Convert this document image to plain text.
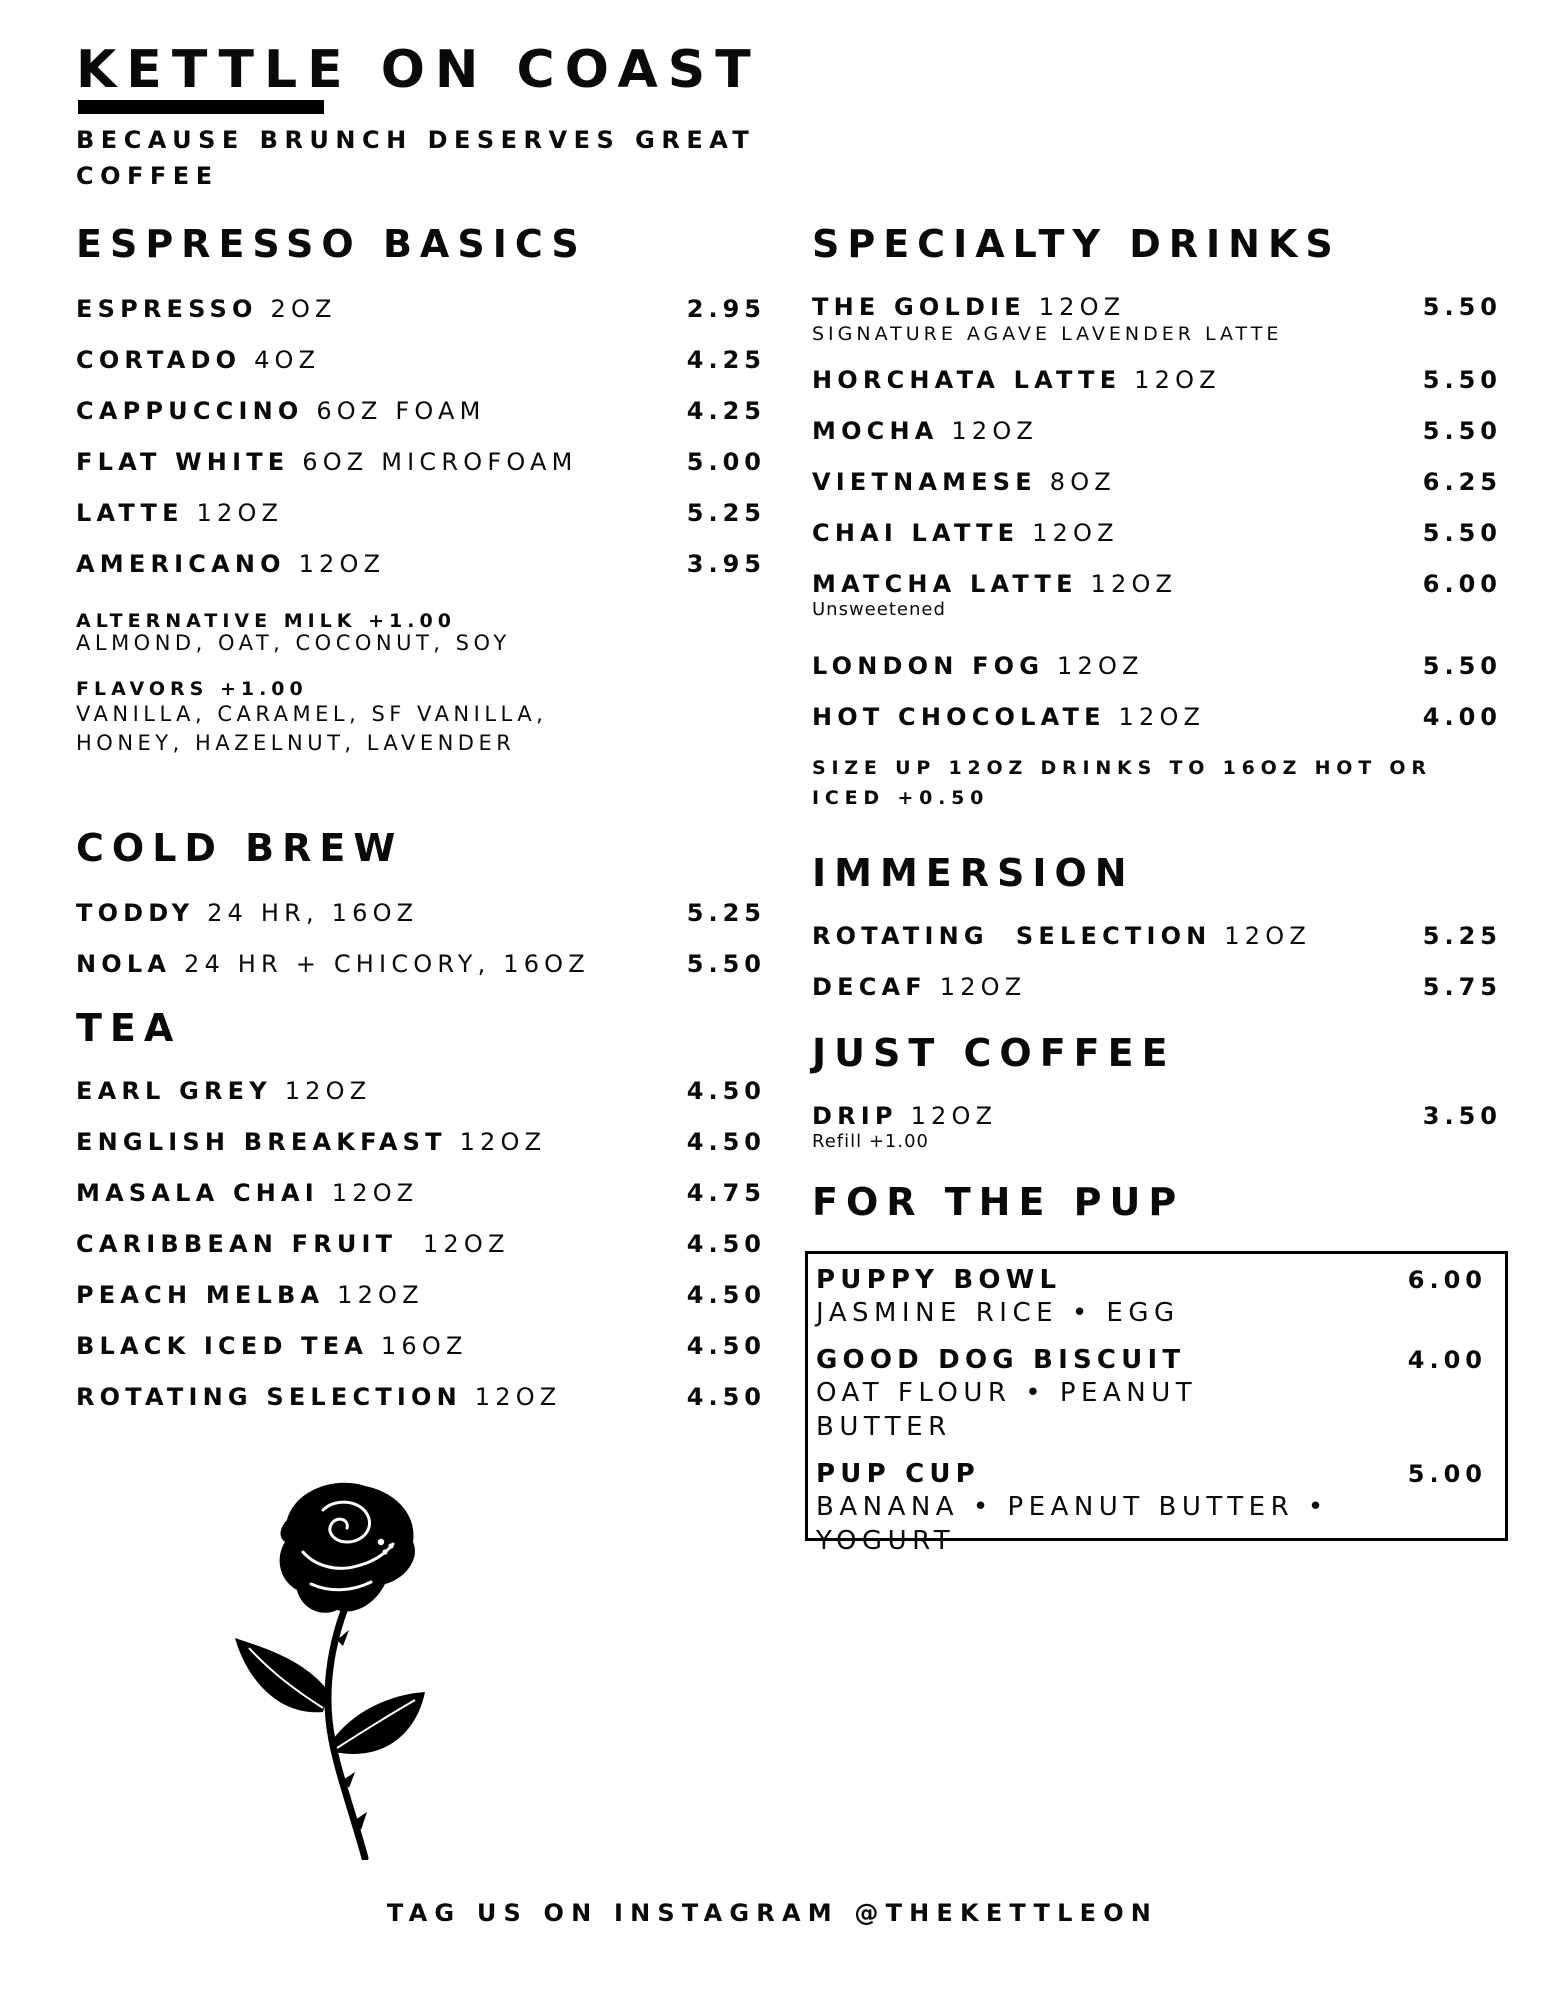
KETTLE ON COAST
BECAUSE BRUNCH DESERVES GREAT COFFEE
ESPRESSO BASICS
ESPRESSO 2OZ	2.95
CORTADO 4OZ	4.25
CAPPUCCINO 6OZ FOAM	4.25
FLAT WHITE 6OZ MICROFOAM	5.00
LATTE 12OZ	5.25
AMERICANO 12OZ	3.95
ALTERNATIVE MILK +1.00
ALMOND, OAT, COCONUT, SOY
FLAVORS +1.00
VANILLA, CARAMEL, SF VANILLA, HONEY, HAZELNUT, LAVENDER
COLD BREW
TODDY 24 HR, 16OZ	5.25
NOLA 24 HR + CHICORY, 16OZ	5.50
TEA
EARL GREY 12OZ	4.50
ENGLISH BREAKFAST 12OZ	4.50
MASALA CHAI 12OZ	4.75
CARIBBEAN FRUIT  12OZ	4.50
PEACH MELBA 12OZ	4.50
BLACK ICED TEA 16OZ	4.50
ROTATING SELECTION 12OZ	4.50
SPECIALTY DRINKS
THE GOLDIE 12OZ	5.50
SIGNATURE AGAVE LAVENDER LATTE
HORCHATA LATTE 12OZ	5.50
MOCHA 12OZ	5.50
VIETNAMESE 8OZ	6.25
CHAI LATTE 12OZ	5.50
MATCHA LATTE 12OZ	6.00
Unsweetened
LONDON FOG 12OZ	5.50
HOT CHOCOLATE 12OZ	4.00
SIZE UP 12OZ DRINKS TO 16OZ HOT OR ICED +0.50
IMMERSION
ROTATING  SELECTION 12OZ	5.25
DECAF 12OZ	5.75
JUST COFFEE
DRIP 12OZ	3.50
Refill +1.00
FOR THE PUP
PUPPY BOWL	6.00
JASMINE RICE • EGG
GOOD DOG BISCUIT	4.00
OAT FLOUR • PEANUT BUTTER
PUP CUP	5.00
BANANA • PEANUT BUTTER • YOGURT
TAG US ON INSTAGRAM @THEKETTLEON
